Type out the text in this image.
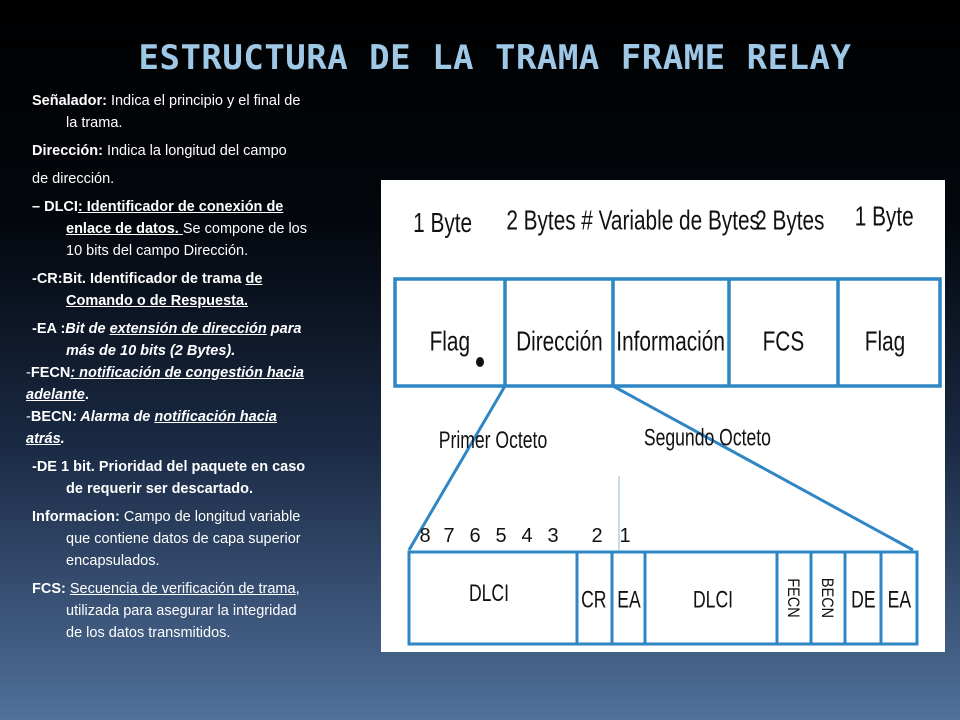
ESTRUCTURA DE LA TRAMA FRAME RELAY

Señalador: Indica el principio y el final de
la trama.

Dirección: Indica la longitud del campo

de dirección.

– DLCI: Identificador de conexión de
enlace de datos. Se compone de los
10 bits del campo Dirección.

-CR:Bit. Identificador de trama de
Comando o de Respuesta.

-EA :Bit de extensión de dirección para
más de 10 bits (2 Bytes).

-FECN: notificación de congestión hacia
adelante.

-BECN: Alarma de notificación hacia
atrás.

-DE 1 bit. Prioridad del paquete en caso
de requerir ser descartado.

Informacion: Campo de longitud variable
que contiene datos de capa superior
encapsulados.

FCS: Secuencia de verificación de trama,
utilizada para asegurar la integridad
de los datos transmitidos.

1 Byte 2 Bytes # Variable de Bytes
2 Bytes 1 Byte
Flag Dirección Información FCS Flag
Primer Octeto	Segundo Octeto
8 7 6 5 4 3 2 1
DLCI	CR EA DLCI	FECN BECN DE EA
